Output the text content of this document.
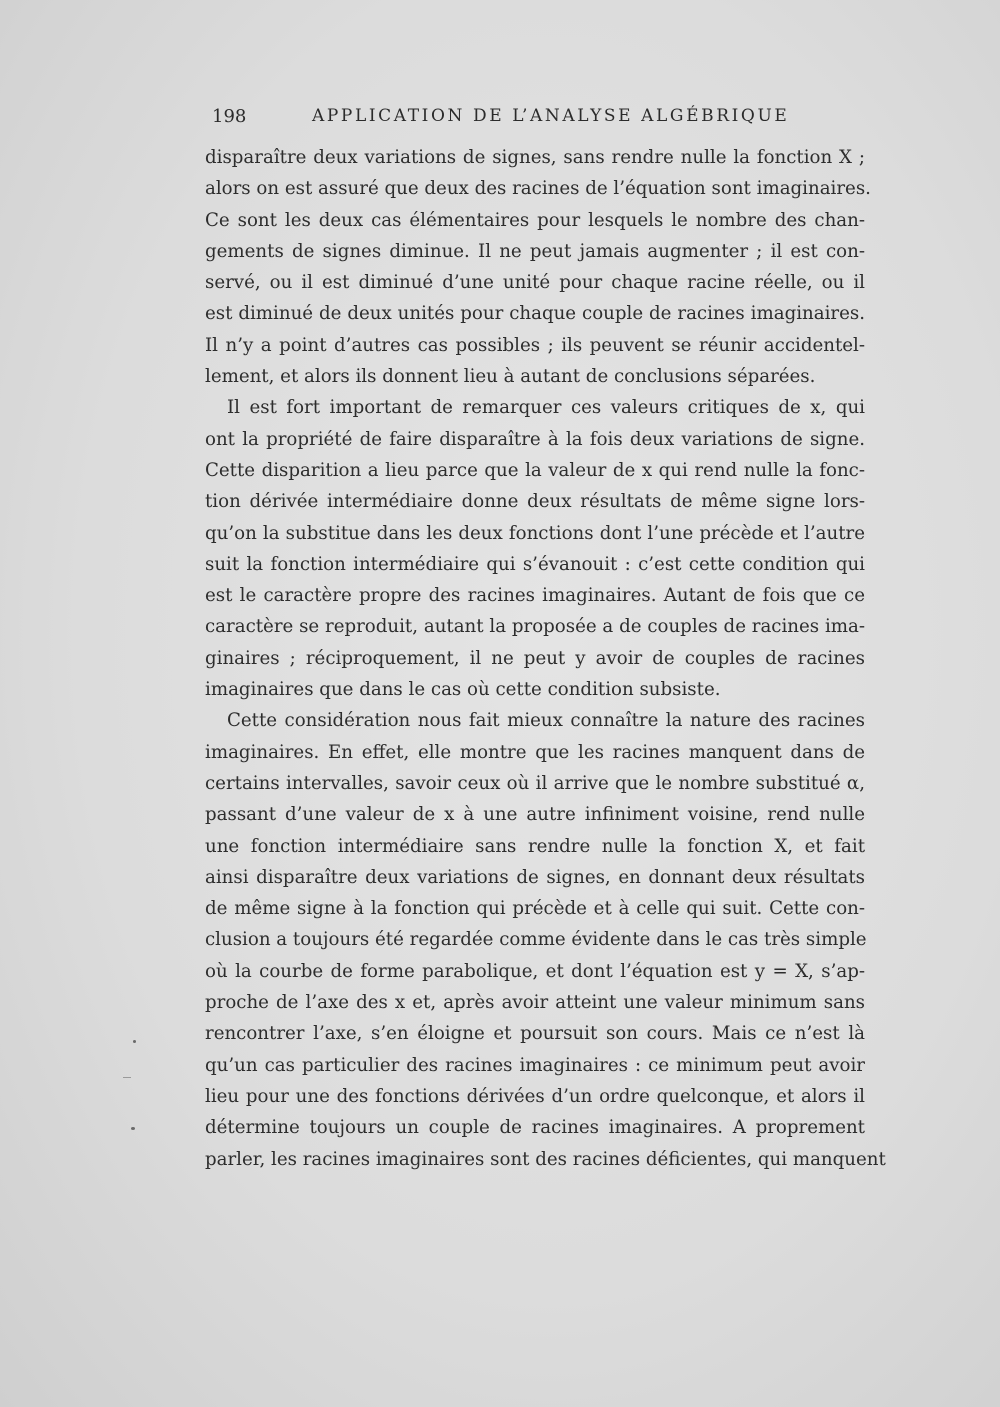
198	APPLICATION DE L’ANALYSE ALGÉBRIQUE
disparaître deux variations de signes, sans rendre nulle la fonction X ;
alors on est assuré que deux des racines de l’équation sont imaginaires.
Ce sont les deux cas élémentaires pour lesquels le nombre des chan-
gements de signes diminue. Il ne peut jamais augmenter ; il est con-
servé, ou il est diminué d’une unité pour chaque racine réelle, ou il
est diminué de deux unités pour chaque couple de racines imaginaires.
Il n’y a point d’autres cas possibles ; ils peuvent se réunir accidentel-
lement, et alors ils donnent lieu à autant de conclusions séparées.
Il est fort important de remarquer ces valeurs critiques de x, qui
ont la propriété de faire disparaître à la fois deux variations de signe.
Cette disparition a lieu parce que la valeur de x qui rend nulle la fonc-
tion dérivée intermédiaire donne deux résultats de même signe lors-
qu’on la substitue dans les deux fonctions dont l’une précède et l’autre
suit la fonction intermédiaire qui s’évanouit : c’est cette condition qui
est le caractère propre des racines imaginaires. Autant de fois que ce
caractère se reproduit, autant la proposée a de couples de racines ima-
ginaires ; réciproquement, il ne peut y avoir de couples de racines
imaginaires que dans le cas où cette condition subsiste.
Cette considération nous fait mieux connaître la nature des racines
imaginaires. En effet, elle montre que les racines manquent dans de
certains intervalles, savoir ceux où il arrive que le nombre substitué α,
passant d’une valeur de x à une autre infiniment voisine, rend nulle
une fonction intermédiaire sans rendre nulle la fonction X, et fait
ainsi disparaître deux variations de signes, en donnant deux résultats
de même signe à la fonction qui précède et à celle qui suit. Cette con-
clusion a toujours été regardée comme évidente dans le cas très simple
où la courbe de forme parabolique, et dont l’équation est y = X, s’ap-
proche de l’axe des x et, après avoir atteint une valeur minimum sans
rencontrer l’axe, s’en éloigne et poursuit son cours. Mais ce n’est là
qu’un cas particulier des racines imaginaires : ce minimum peut avoir
lieu pour une des fonctions dérivées d’un ordre quelconque, et alors il
détermine toujours un couple de racines imaginaires. A proprement
parler, les racines imaginaires sont des racines déficientes, qui manquent
